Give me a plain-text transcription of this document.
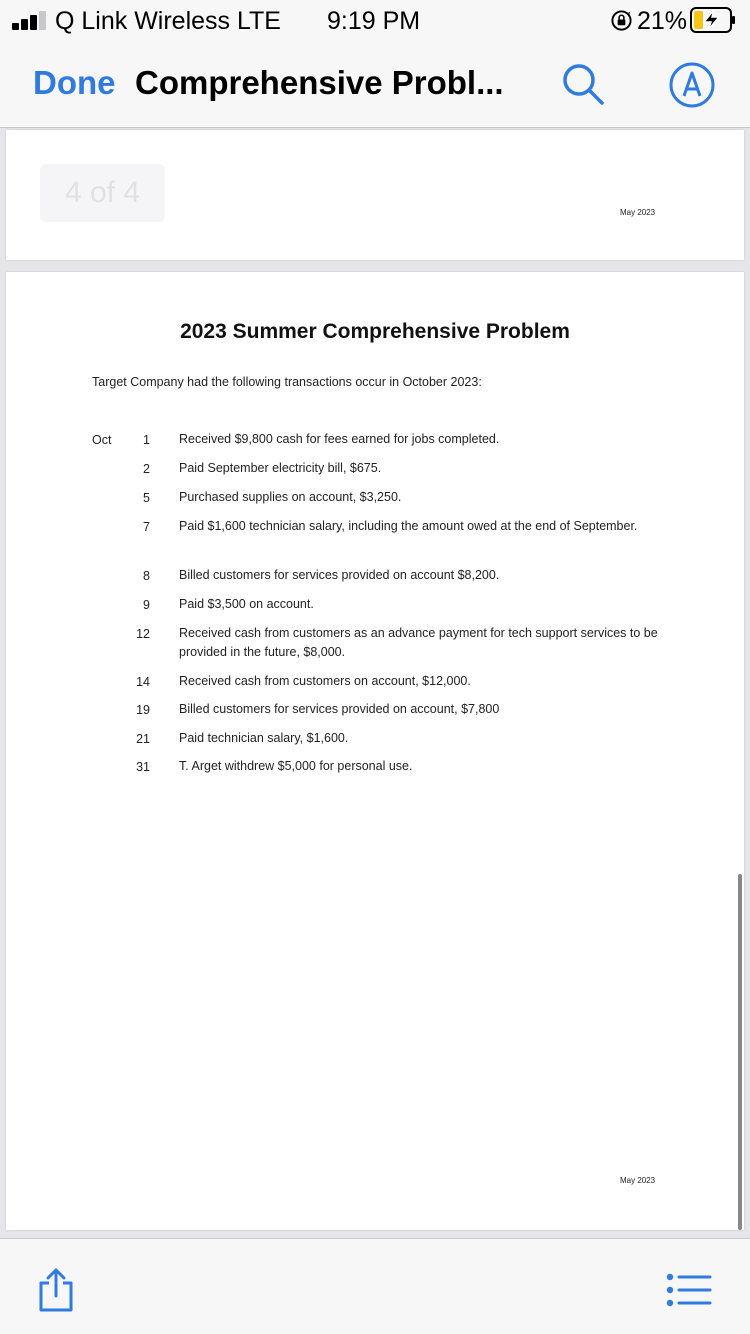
Q Link Wireless LTE 9:19 PM	21%
Done Comprehensive Probl...
4 of 4
May 2023
2023 Summer Comprehensive Problem
Target Company had the following transactions occur in October 2023:
Oct	1 Received $9,800 cash for fees earned for jobs completed.
2 Paid September electricity bill, $675.
5 Purchased supplies on account, $3,250.
7 Paid $1,600 technician salary, including the amount owed at the end of September.
8 Billed customers for services provided on account $8,200.
9 Paid $3,500 on account.
12 Received cash from customers as an advance payment for tech support services to be provided in the future, $8,000.
14 Received cash from customers on account, $12,000.
19 Billed customers for services provided on account, $7,800
21 Paid technician salary, $1,600.
31 T. Arget withdrew $5,000 for personal use.
May 2023
